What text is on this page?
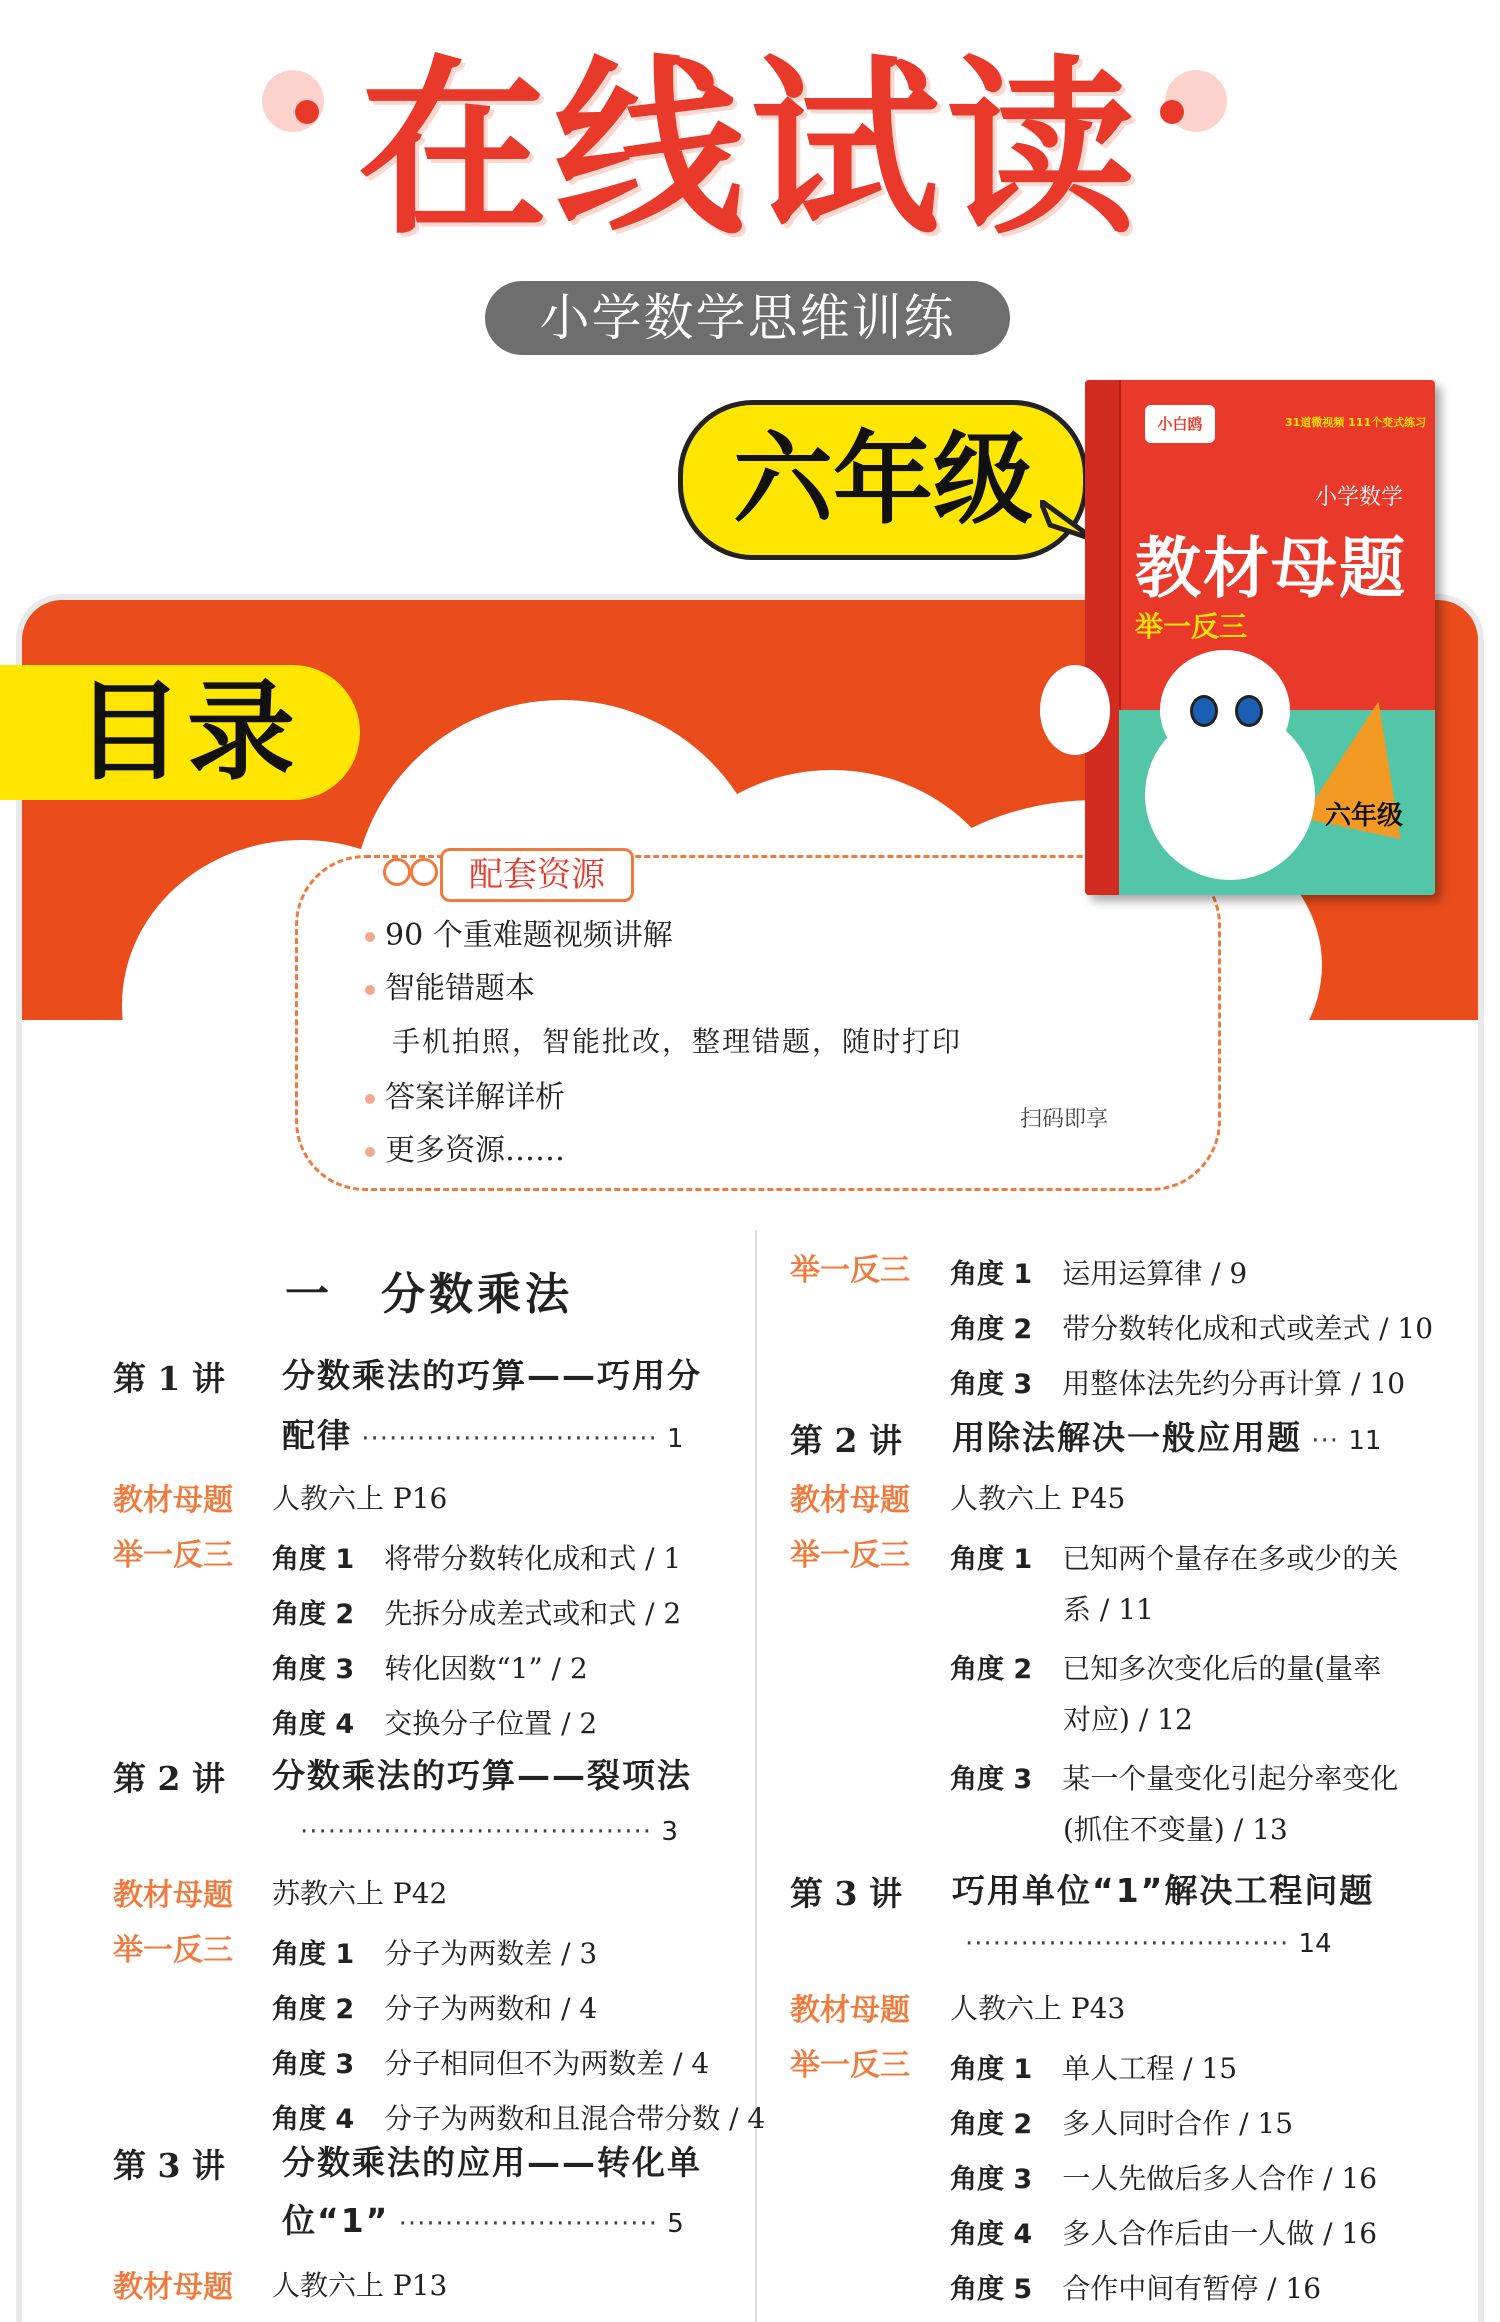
在线试读
小学数学思维训练
六年级
目录
配套资源
90 个重难题视频讲解
智能错题本
手机拍照，智能批改，整理错题，随时打印
答案详解详析
更多资源……
扫码即享
小白鸥	31道微视频 111个变式练习
小学数学
教材母题
举一反三
六年级
一　分数乘法
第 1 讲 分数乘法的巧算——巧用分
配律 ································ 1
教材母题 人教六上 P16
举一反三 角度 1　 将带分数转化成和式 / 1
角度 2　 先拆分成差式或和式 / 2
角度 3　 转化因数“1” / 2
角度 4　 交换分子位置 / 2
第 2 讲 分数乘法的巧算——裂项法
······································ 3
教材母题 苏教六上 P42
举一反三 角度 1　 分子为两数差 / 3
角度 2　 分子为两数和 / 4
角度 3　 分子相同但不为两数差 / 4
角度 4　 分子为两数和且混合带分数 / 4
第 3 讲 分数乘法的应用——转化单
位“1” ···························· 5
教材母题 人教六上 P13
举一反三 角度 1　 运用运算律 / 9
角度 2　 带分数转化成和式或差式 / 10
角度 3　 用整体法先约分再计算 / 10
第 2 讲 用除法解决一般应用题 ··· 11
教材母题 人教六上 P45
举一反三 角度 1　 已知两个量存在多或少的关
系 / 11
角度 2　 已知多次变化后的量(量率
对应) / 12
角度 3　 某一个量变化引起分率变化
(抓住不变量) / 13
第 3 讲 巧用单位“1”解决工程问题
··································· 14
教材母题 人教六上 P43
举一反三 角度 1　 单人工程 / 15
角度 2　 多人同时合作 / 15
角度 3　 一人先做后多人合作 / 16
角度 4　 多人合作后由一人做 / 16
角度 5　 合作中间有暂停 / 16
